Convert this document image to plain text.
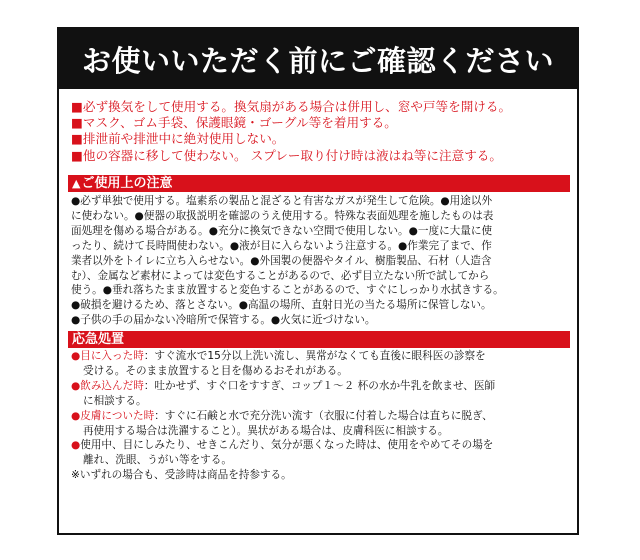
お使いいただく前にご確認ください
■必ず換気をして使用する。換気扇がある場合は併用し、窓や戸等を開ける。
■マスク、ゴム手袋、保護眼鏡・ゴーグル等を着用する。
■排泄前や排泄中に絶対使用しない。
■他の容器に移して使わない。 スプレー取り付け時は液はね等に注意する。
▲ご使用上の注意
●必ず単独で使用する。塩素系の製品と混ざると有害なガスが発生して危険。●用途以外
に使わない。●便器の取扱説明を確認のうえ使用する。特殊な表面処理を施したものは表
面処理を傷める場合がある。●充分に換気できない空間で使用しない。●一度に大量に使
ったり、続けて長時間使わない。●液が目に入らないよう注意する。●作業完了まで、作
業者以外をトイレに立ち入らせない。●外国製の便器やタイル、樹脂製品、石材（人造含
む）、金属など素材によっては変色することがあるので、必ず目立たない所で試してから
使う。●垂れ落ちたまま放置すると変色することがあるので、すぐにしっかり水拭きする。
●破損を避けるため、落とさない。●高温の場所、直射日光の当たる場所に保管しない。
●子供の手の届かない冷暗所で保管する。●火気に近づけない。
応急処置
●目に入った時：すぐ流水で15分以上洗い流し、異常がなくても直後に眼科医の診察を
受ける。そのまま放置すると目を傷めるおそれがある。
●飲み込んだ時：吐かせず、すぐ口をすすぎ、コップ１～２ 杯の水か牛乳を飲ませ、医師
に相談する。
●皮膚についた時：すぐに石鹸と水で充分洗い流す（衣服に付着した場合は直ちに脱ぎ、
再使用する場合は洗濯すること）。異状がある場合は、皮膚科医に相談する。
●使用中、目にしみたり、せきこんだり、気分が悪くなった時は、使用をやめてその場を
離れ、洗眼、うがい等をする。
※いずれの場合も、受診時は商品を持参する。
